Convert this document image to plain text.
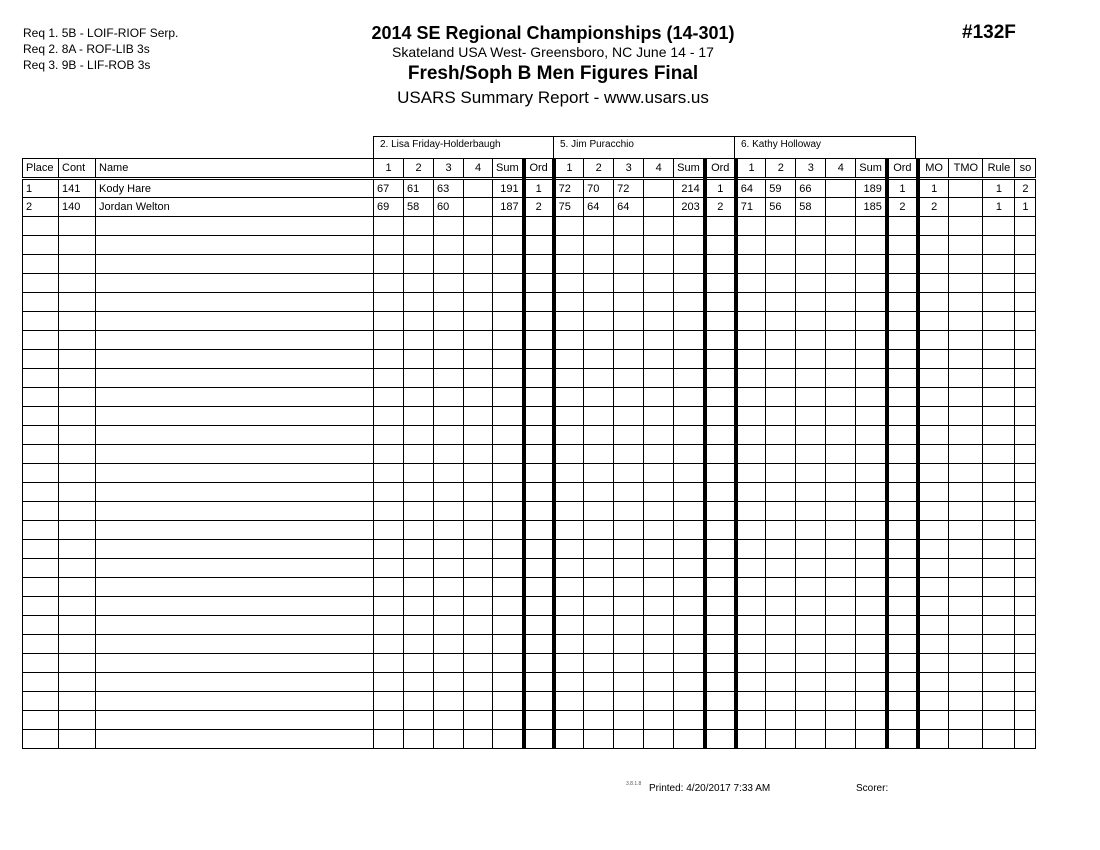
Req 1. 5B - LOIF-RIOF Serp.
Req 2. 8A - ROF-LIB 3s
Req 3. 9B - LIF-ROB 3s
2014 SE Regional Championships (14-301)
Skateland USA West- Greensboro, NC June 14 - 17
Fresh/Soph B Men Figures Final
USARS Summary Report - www.usars.us
#132F
2. Lisa Friday-Holderbaugh	5. Jim Puracchio	6. Kathy Holloway
Place	Cont	Name	1	2	3	4	Sum	Ord	1	2	3	4	Sum	Ord	1	2	3	4	Sum	Ord	MO	TMO	Rule	so
1	141	Kody Hare	67	61	63		191	1	72	70	72		214	1	64	59	66		189	1	1		1	2
2	140	Jordan Welton	69	58	60		187	2	75	64	64		203	2	71	56	58		185	2	2		1	1

3.8.1.8 Printed: 4/20/2017 7:33 AM	Scorer:
